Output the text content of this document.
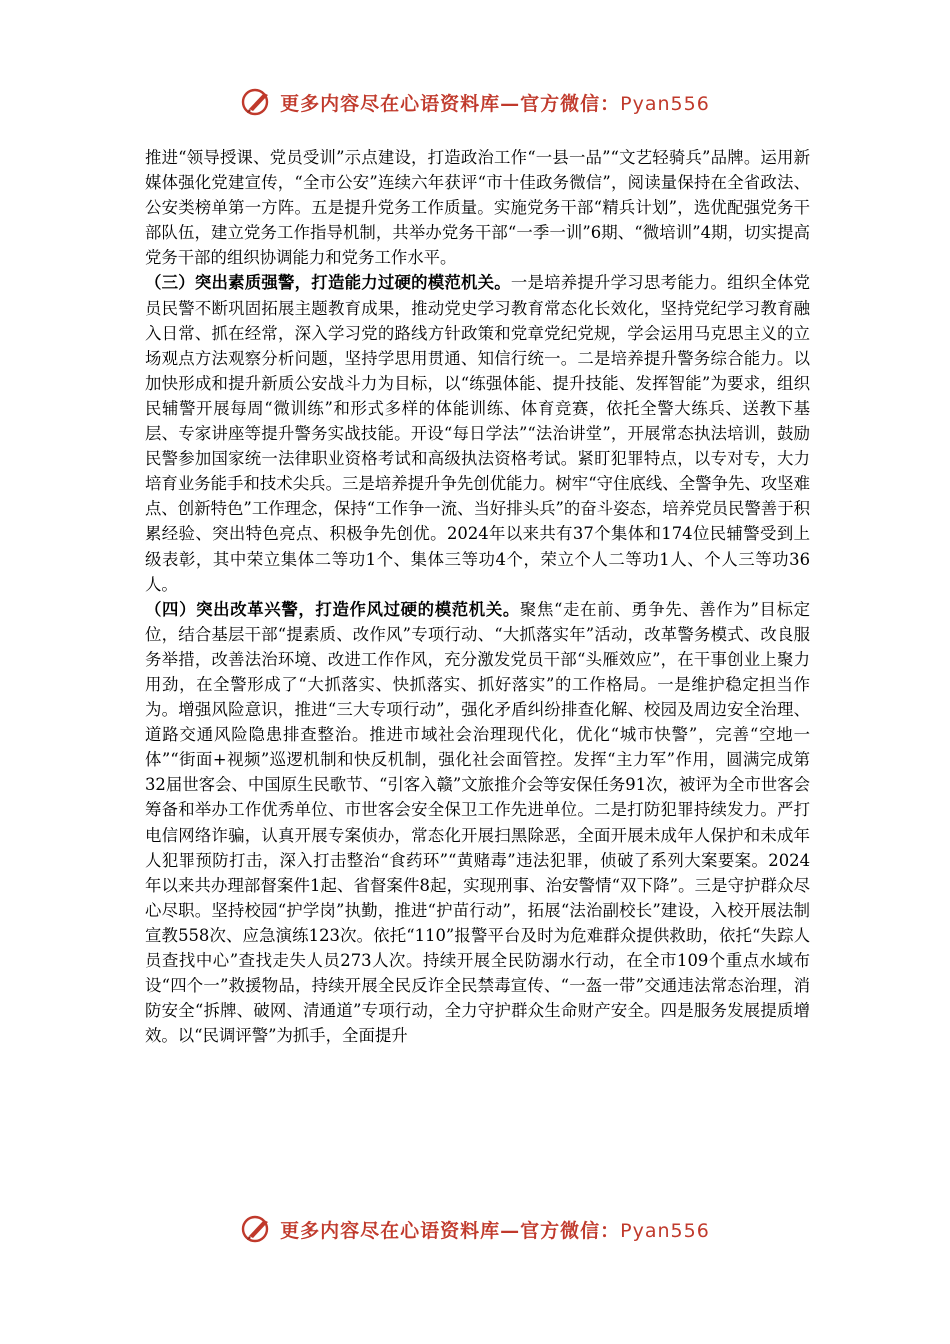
更多内容尽在心语资料库—官方微信：Pyan556

推进“领导授课、党员受训”示点建设，打造政治工作“一县一品”“文艺轻骑兵”品牌。运用新媒体强化党建宣传，“全市公安”连续六年获评“市十佳政务微信”，阅读量保持在全省政法、公安类榜单第一方阵。五是提升党务工作质量。实施党务干部“精兵计划”，选优配强党务干部队伍，建立党务工作指导机制，共举办党务干部“一季一训”6期、“微培训”4期，切实提高党务干部的组织协调能力和党务工作水平。

（三）突出素质强警，打造能力过硬的模范机关。一是培养提升学习思考能力。组织全体党员民警不断巩固拓展主题教育成果，推动党史学习教育常态化长效化，坚持党纪学习教育融入日常、抓在经常，深入学习党的路线方针政策和党章党纪党规，学会运用马克思主义的立场观点方法观察分析问题，坚持学思用贯通、知信行统一。二是培养提升警务综合能力。以加快形成和提升新质公安战斗力为目标，以“练强体能、提升技能、发挥智能”为要求，组织民辅警开展每周“微训练”和形式多样的体能训练、体育竞赛，依托全警大练兵、送教下基层、专家讲座等提升警务实战技能。开设“每日学法”“法治讲堂”，开展常态执法培训，鼓励民警参加国家统一法律职业资格考试和高级执法资格考试。紧盯犯罪特点，以专对专，大力培育业务能手和技术尖兵。三是培养提升争先创优能力。树牢“守住底线、全警争先、攻坚难点、创新特色”工作理念，保持“工作争一流、当好排头兵”的奋斗姿态，培养党员民警善于积累经验、突出特色亮点、积极争先创优。2024年以来共有37个集体和174位民辅警受到上级表彰，其中荣立集体二等功1个、集体三等功4个，荣立个人二等功1人、个人三等功36人。

（四）突出改革兴警，打造作风过硬的模范机关。聚焦“走在前、勇争先、善作为”目标定位，结合基层干部“提素质、改作风”专项行动、“大抓落实年”活动，改革警务模式、改良服务举措，改善法治环境、改进工作作风，充分激发党员干部“头雁效应”，在干事创业上聚力用劲，在全警形成了“大抓落实、快抓落实、抓好落实”的工作格局。一是维护稳定担当作为。增强风险意识，推进“三大专项行动”，强化矛盾纠纷排查化解、校园及周边安全治理、道路交通风险隐患排查整治。推进市域社会治理现代化，优化“城市快警”，完善“空地一体”“街面+视频”巡逻机制和快反机制，强化社会面管控。发挥“主力军”作用，圆满完成第32届世客会、中国原生民歌节、“引客入赣”文旅推介会等安保任务91次，被评为全市世客会筹备和举办工作优秀单位、市世客会安全保卫工作先进单位。二是打防犯罪持续发力。严打电信网络诈骗，认真开展专案侦办，常态化开展扫黑除恶，全面开展未成年人保护和未成年人犯罪预防打击，深入打击整治“食药环”“黄赌毒”违法犯罪，侦破了系列大案要案。2024年以来共办理部督案件1起、省督案件8起，实现刑事、治安警情“双下降”。三是守护群众尽心尽职。坚持校园“护学岗”执勤，推进“护苗行动”，拓展“法治副校长”建设，入校开展法制宣教558次、应急演练123次。依托“110”报警平台及时为危难群众提供救助，依托“失踪人员查找中心”查找走失人员273人次。持续开展全民防溺水行动，在全市109个重点水域布设“四个一”救援物品，持续开展全民反诈全民禁毒宣传、“一盔一带”交通违法常态治理，消防安全“拆牌、破网、清通道”专项行动，全力守护群众生命财产安全。四是服务发展提质增效。以“民调评警”为抓手，全面提升

更多内容尽在心语资料库—官方微信：Pyan556
